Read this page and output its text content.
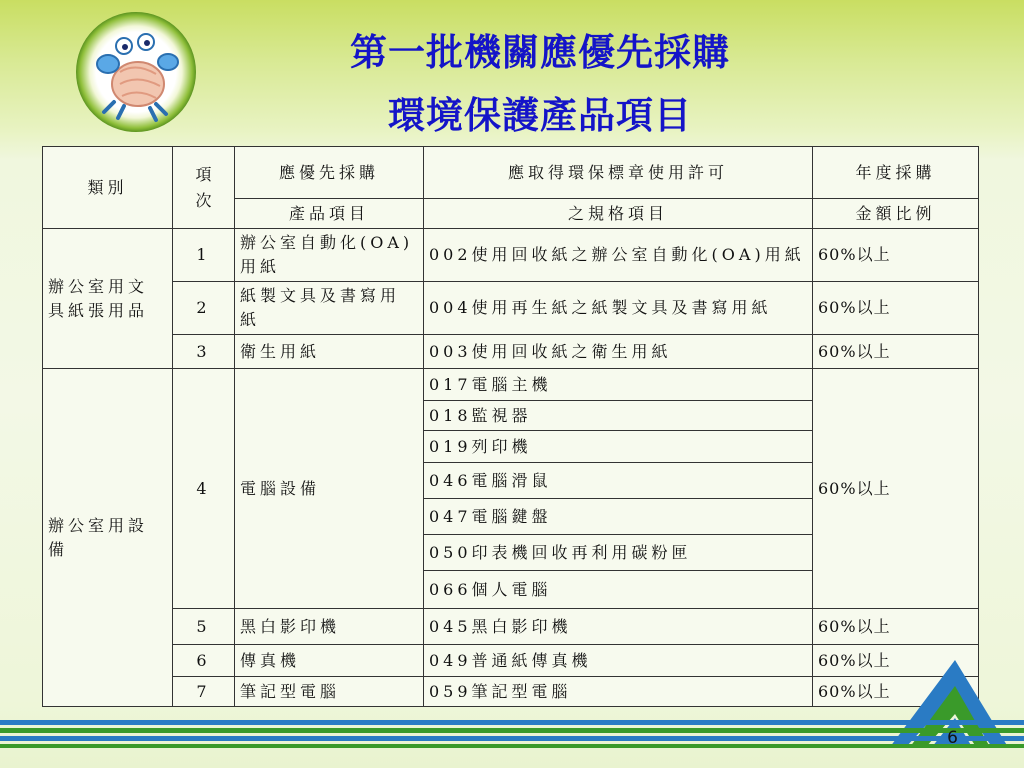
第一批機關應優先採購
環境保護產品項目
類別	項次	應優先採購	應取得環保標章使用許可	年度採購
		產品項目	之規格項目	金額比例
辦公室用文具紙張用品	1	辦公室自動化(OA)用紙	002使用回收紙之辦公室自動化(OA)用紙	60%以上
	2	紙製文具及書寫用紙	004使用再生紙之紙製文具及書寫用紙	60%以上
	3	衛生用紙	003使用回收紙之衛生用紙	60%以上
辦公室用設備	4	電腦設備	017電腦主機	60%以上
			018監視器	
			019列印機	
			046電腦滑鼠	
			047電腦鍵盤	
			050印表機回收再利用碳粉匣	
			066個人電腦	
	5	黑白影印機	045黑白影印機	60%以上
	6	傳真機	049普通紙傳真機	60%以上
	7	筆記型電腦	059筆記型電腦	60%以上
6
